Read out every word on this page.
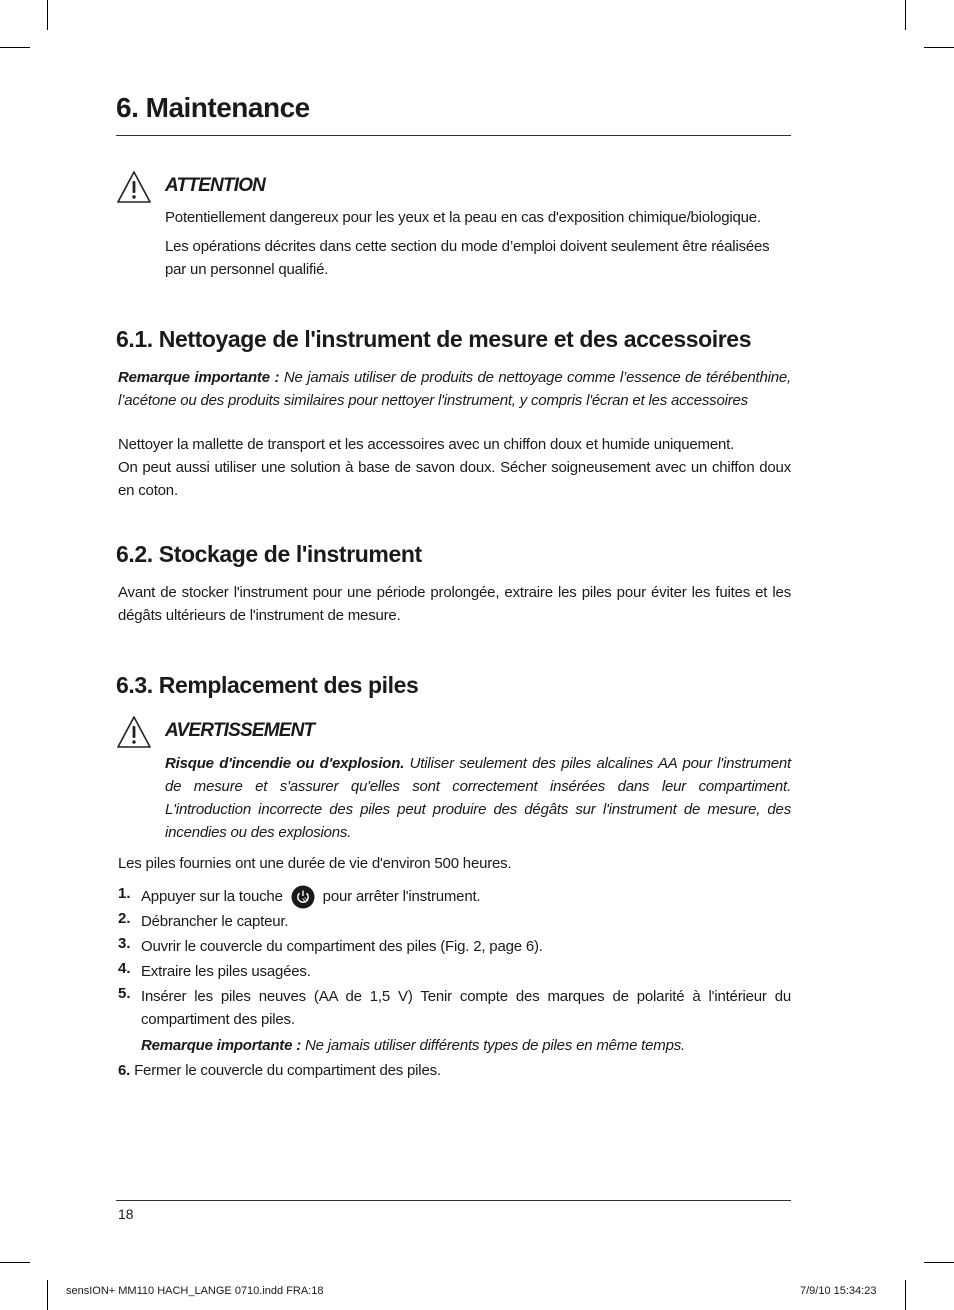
6. Maintenance
ATTENTION
Potentiellement dangereux pour les yeux et la peau en cas d'exposition chimique/biologique.
Les opérations décrites dans cette section du mode d’emploi doivent seulement être réalisées par un personnel qualifié.
6.1. Nettoyage de l'instrument de mesure et des accessoires
Remarque importante : Ne jamais utiliser de produits de nettoyage comme l’essence de térébenthine, l’acétone ou des produits similaires pour nettoyer l'instrument, y compris l'écran et les accessoires
Nettoyer la mallette de transport et les accessoires avec un chiffon doux et humide uniquement.
On peut aussi utiliser une solution à base de savon doux. Sécher soigneusement avec un chiffon doux en coton.
6.2. Stockage de l'instrument
Avant de stocker l'instrument pour une période prolongée, extraire les piles pour éviter les fuites et les dégâts ultérieurs de l'instrument de mesure.
6.3. Remplacement des piles
AVERTISSEMENT
Risque d'incendie ou d'explosion. Utiliser seulement des piles alcalines AA pour l'instrument de mesure et s'assurer qu'elles sont correctement insérées dans leur compartiment. L'introduction incorrecte des piles peut produire des dégâts sur l'instrument de mesure, des incendies ou des explosions.
Les piles fournies ont une durée de vie d'environ 500 heures.
1. Appuyer sur la touche	pour arrêter l'instrument.
2. Débrancher le capteur.
3. Ouvrir le couvercle du compartiment des piles (Fig. 2, page 6).
4. Extraire les piles usagées.
5. Insérer les piles neuves (AA de 1,5 V) Tenir compte des marques de polarité à l'intérieur du compartiment des piles.
Remarque importante : Ne jamais utiliser différents types de piles en même temps.
6. Fermer le couvercle du compartiment des piles.
18
sensION+ MM110 HACH_LANGE 0710.indd FRA:18	7/9/10 15:34:23
